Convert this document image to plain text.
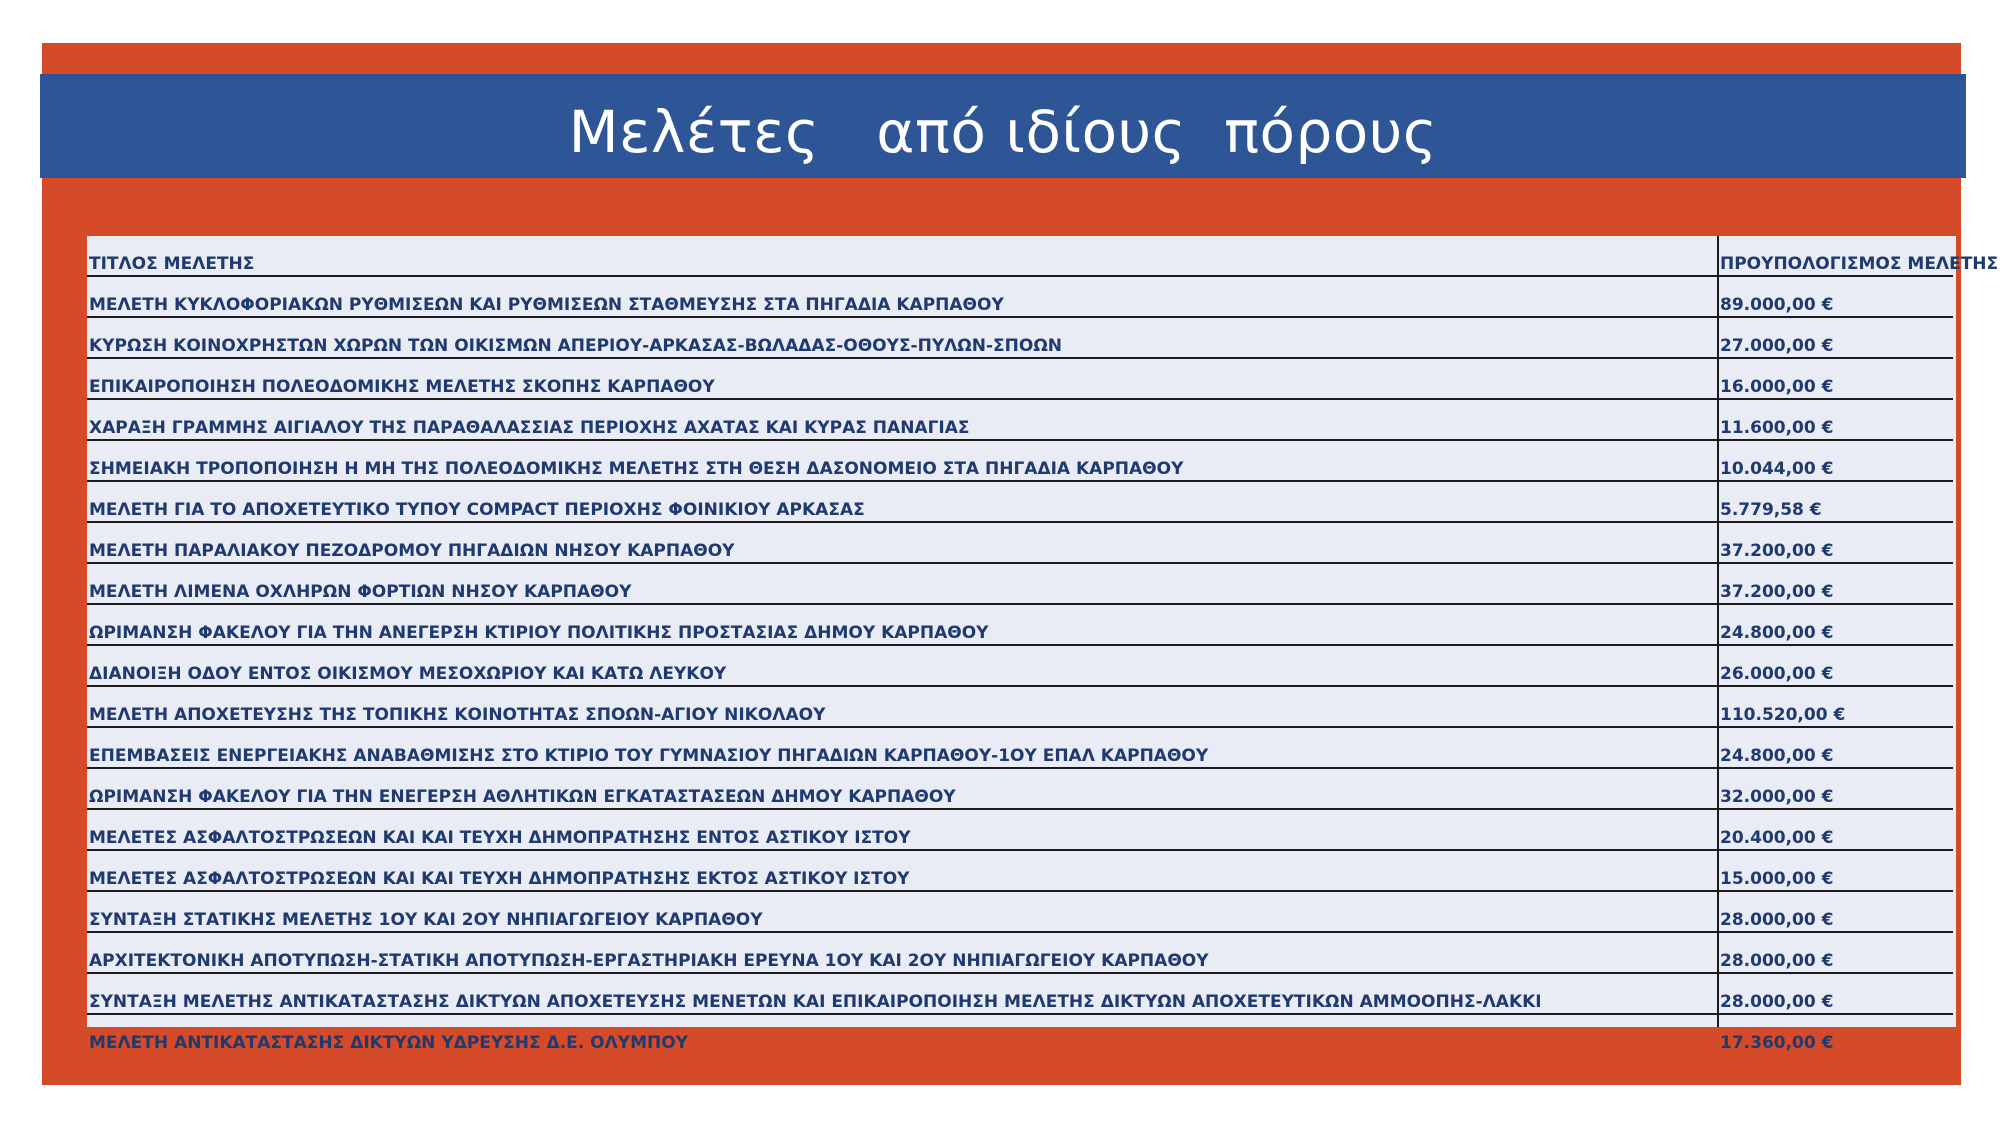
Μελέτες   από ιδίους  πόρους
ΤΙΤΛΟΣ ΜΕΛΕΤΗΣ	ΠΡΟΥΠΟΛΟΓΙΣΜΟΣ ΜΕΛΕΤΗΣ
ΜΕΛΕΤΗ ΚΥΚΛΟΦΟΡΙΑΚΩΝ ΡΥΘΜΙΣΕΩΝ ΚΑΙ ΡΥΘΜΙΣΕΩΝ ΣΤΑΘΜΕΥΣΗΣ ΣΤΑ ΠΗΓΑΔΙΑ ΚΑΡΠΑΘΟΥ	89.000,00 €
ΚΥΡΩΣΗ ΚΟΙΝΟΧΡΗΣΤΩΝ ΧΩΡΩΝ ΤΩΝ ΟΙΚΙΣΜΩΝ ΑΠΕΡΙΟΥ-ΑΡΚΑΣΑΣ-ΒΩΛΑΔΑΣ-ΟΘΟΥΣ-ΠΥΛΩΝ-ΣΠΟΩΝ	27.000,00 €
ΕΠΙΚΑΙΡΟΠΟΙΗΣΗ ΠΟΛΕΟΔΟΜΙΚΗΣ ΜΕΛΕΤΗΣ ΣΚΟΠΗΣ ΚΑΡΠΑΘΟΥ	16.000,00 €
ΧΑΡΑΞΗ ΓΡΑΜΜΗΣ ΑΙΓΙΑΛΟΥ ΤΗΣ ΠΑΡΑΘΑΛΑΣΣΙΑΣ ΠΕΡΙΟΧΗΣ ΑΧΑΤΑΣ ΚΑΙ ΚΥΡΑΣ ΠΑΝΑΓΙΑΣ	11.600,00 €
ΣΗΜΕΙΑΚΗ ΤΡΟΠΟΠΟΙΗΣΗ Η ΜΗ ΤΗΣ ΠΟΛΕΟΔΟΜΙΚΗΣ ΜΕΛΕΤΗΣ ΣΤΗ ΘΕΣΗ ΔΑΣΟΝΟΜΕΙΟ ΣΤΑ ΠΗΓΑΔΙΑ ΚΑΡΠΑΘΟΥ	10.044,00 €
ΜΕΛΕΤΗ ΓΙΑ ΤΟ ΑΠΟΧΕΤΕΥΤΙΚΟ ΤΥΠΟΥ COMPACT ΠΕΡΙΟΧΗΣ ΦΟΙΝΙΚΙΟΥ ΑΡΚΑΣΑΣ	5.779,58 €
ΜΕΛΕΤΗ ΠΑΡΑΛΙΑΚΟΥ ΠΕΖΟΔΡΟΜΟΥ ΠΗΓΑΔΙΩΝ ΝΗΣΟΥ ΚΑΡΠΑΘΟΥ	37.200,00 €
ΜΕΛΕΤΗ ΛΙΜΕΝΑ ΟΧΛΗΡΩΝ ΦΟΡΤΙΩΝ ΝΗΣΟΥ ΚΑΡΠΑΘΟΥ	37.200,00 €
ΩΡΙΜΑΝΣΗ ΦΑΚΕΛΟΥ ΓΙΑ ΤΗΝ ΑΝΕΓΕΡΣΗ ΚΤΙΡΙΟΥ ΠΟΛΙΤΙΚΗΣ ΠΡΟΣΤΑΣΙΑΣ ΔΗΜΟΥ ΚΑΡΠΑΘΟΥ	24.800,00 €
ΔΙΑΝΟΙΞΗ ΟΔΟΥ ΕΝΤΟΣ ΟΙΚΙΣΜΟΥ ΜΕΣΟΧΩΡΙΟΥ ΚΑΙ ΚΑΤΩ ΛΕΥΚΟΥ	26.000,00 €
ΜΕΛΕΤΗ ΑΠΟΧΕΤΕΥΣΗΣ ΤΗΣ ΤΟΠΙΚΗΣ ΚΟΙΝΟΤΗΤΑΣ ΣΠΟΩΝ-ΑΓΙΟΥ ΝΙΚΟΛΑΟΥ	110.520,00 €
ΕΠΕΜΒΑΣΕΙΣ ΕΝΕΡΓΕΙΑΚΗΣ ΑΝΑΒΑΘΜΙΣΗΣ ΣΤΟ ΚΤΙΡΙΟ ΤΟΥ ΓΥΜΝΑΣΙΟΥ ΠΗΓΑΔΙΩΝ ΚΑΡΠΑΘΟΥ-1ΟΥ ΕΠΑΛ ΚΑΡΠΑΘΟΥ	24.800,00 €
ΩΡΙΜΑΝΣΗ ΦΑΚΕΛΟΥ ΓΙΑ ΤΗΝ ΕΝΕΓΕΡΣΗ ΑΘΛΗΤΙΚΩΝ ΕΓΚΑΤΑΣΤΑΣΕΩΝ ΔΗΜΟΥ ΚΑΡΠΑΘΟΥ	32.000,00 €
ΜΕΛΕΤΕΣ ΑΣΦΑΛΤΟΣΤΡΩΣΕΩΝ ΚΑΙ ΚΑΙ ΤΕΥΧΗ ΔΗΜΟΠΡΑΤΗΣΗΣ ΕΝΤΟΣ ΑΣΤΙΚΟΥ ΙΣΤΟΥ	20.400,00 €
ΜΕΛΕΤΕΣ ΑΣΦΑΛΤΟΣΤΡΩΣΕΩΝ ΚΑΙ ΚΑΙ ΤΕΥΧΗ ΔΗΜΟΠΡΑΤΗΣΗΣ ΕΚΤΟΣ ΑΣΤΙΚΟΥ ΙΣΤΟΥ	15.000,00 €
ΣΥΝΤΑΞΗ ΣΤΑΤΙΚΗΣ ΜΕΛΕΤΗΣ 1ΟΥ ΚΑΙ 2ΟΥ ΝΗΠΙΑΓΩΓΕΙΟΥ ΚΑΡΠΑΘΟΥ	28.000,00 €
ΑΡΧΙΤΕΚΤΟΝΙΚΗ ΑΠΟΤΥΠΩΣΗ-ΣΤΑΤΙΚΗ ΑΠΟΤΥΠΩΣΗ-ΕΡΓΑΣΤΗΡΙΑΚΗ ΕΡΕΥΝΑ 1ΟΥ ΚΑΙ 2ΟΥ ΝΗΠΙΑΓΩΓΕΙΟΥ ΚΑΡΠΑΘΟΥ	28.000,00 €
ΣΥΝΤΑΞΗ ΜΕΛΕΤΗΣ ΑΝΤΙΚΑΤΑΣΤΑΣΗΣ ΔΙΚΤΥΩΝ ΑΠΟΧΕΤΕΥΣΗΣ ΜΕΝΕΤΩΝ ΚΑΙ ΕΠΙΚΑΙΡΟΠΟΙΗΣΗ ΜΕΛΕΤΗΣ ΔΙΚΤΥΩΝ ΑΠΟΧΕΤΕΥΤΙΚΩΝ ΑΜΜΟΟΠΗΣ-ΛΑΚΚΙ	28.000,00 €
ΜΕΛΕΤΗ ΑΝΤΙΚΑΤΑΣΤΑΣΗΣ ΔΙΚΤΥΩΝ ΥΔΡΕΥΣΗΣ Δ.Ε. ΟΛΥΜΠΟΥ	17.360,00 €
